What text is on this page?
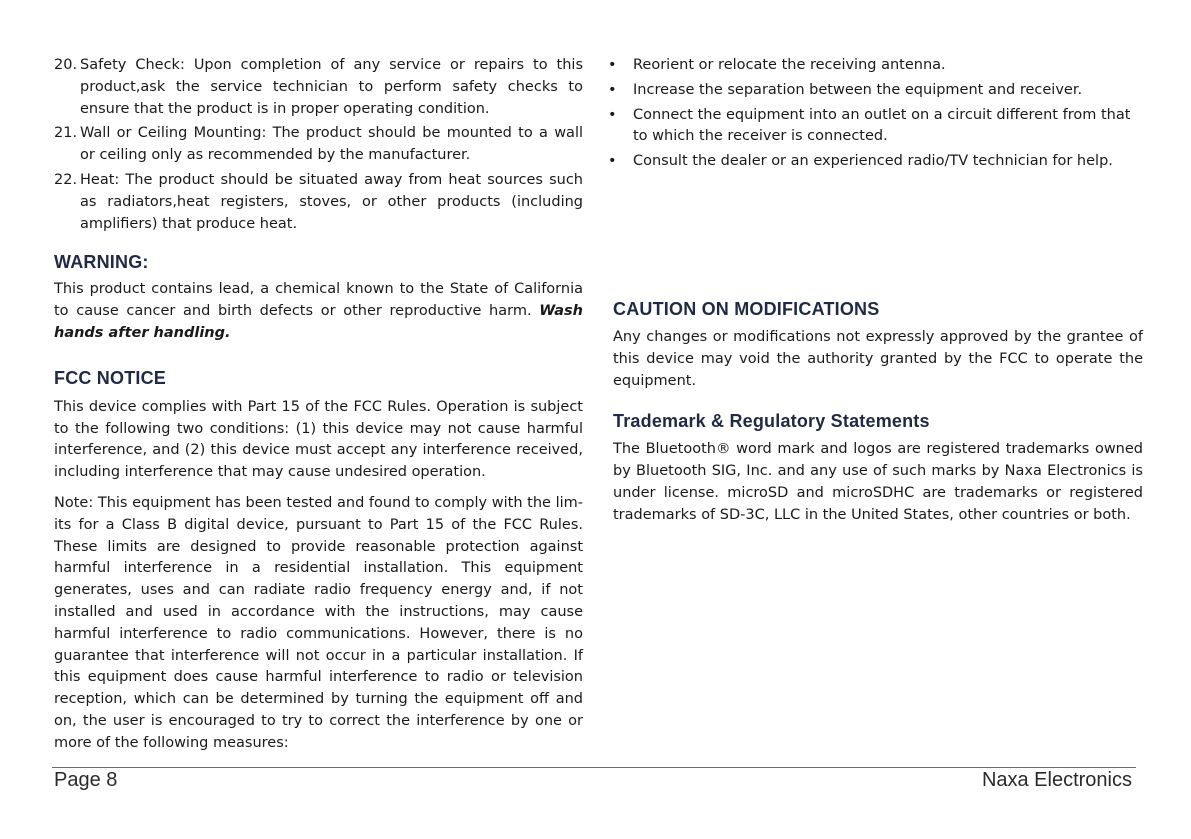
20. Safety Check: Upon completion of any service or repairs to this product,ask the service technician to perform safety checks to ensure that the product is in proper operating condition.
21. Wall or Ceiling Mounting: The product should be mounted to a wall or ceiling only as recommended by the manufacturer.
22. Heat: The product should be situated away from heat sources such as radiators,heat registers, stoves, or other products (including amplifiers) that produce heat.
WARNING:

This product contains lead, a chemical known to the State of California to cause cancer and birth defects or other reproductive harm. Wash hands after handling.

FCC NOTICE

This device complies with Part 15 of the FCC Rules. Operation is subject to the following two conditions: (1) this device may not cause harmful interference, and (2) this device must accept any interference received, including interference that may cause undesired operation.

Note: This equipment has been tested and found to comply with the limits for a Class B digital device, pursuant to Part 15 of the FCC Rules. These limits are designed to provide reasonable protection against harmful interference in a residential installation. This equipment generates, uses and can radiate radio frequency energy and, if not installed and used in accordance with the instructions, may cause harmful interference to radio communications. However, there is no guarantee that interference will not occur in a particular installation. If this equipment does cause harmful interference to radio or television reception, which can be determined by turning the equipment off and on, the user is encouraged to try to correct the interference by one or more of the following measures:

• Reorient or relocate the receiving antenna.
• Increase the separation between the equipment and receiver.
• Connect the equipment into an outlet on a circuit different from that to which the receiver is connected.
• Consult the dealer or an experienced radio/TV technician for help.
CAUTION ON MODIFICATIONS

Any changes or modifications not expressly approved by the grantee of this device may void the authority granted by the FCC to operate the equipment.

Trademark & Regulatory Statements

The Bluetooth® word mark and logos are registered trademarks owned by Bluetooth SIG, Inc. and any use of such marks by Naxa Electronics is under license. microSD and microSDHC are trademarks or registered trademarks of SD-3C, LLC in the United States, other countries or both.

Page 8	Naxa Electronics
